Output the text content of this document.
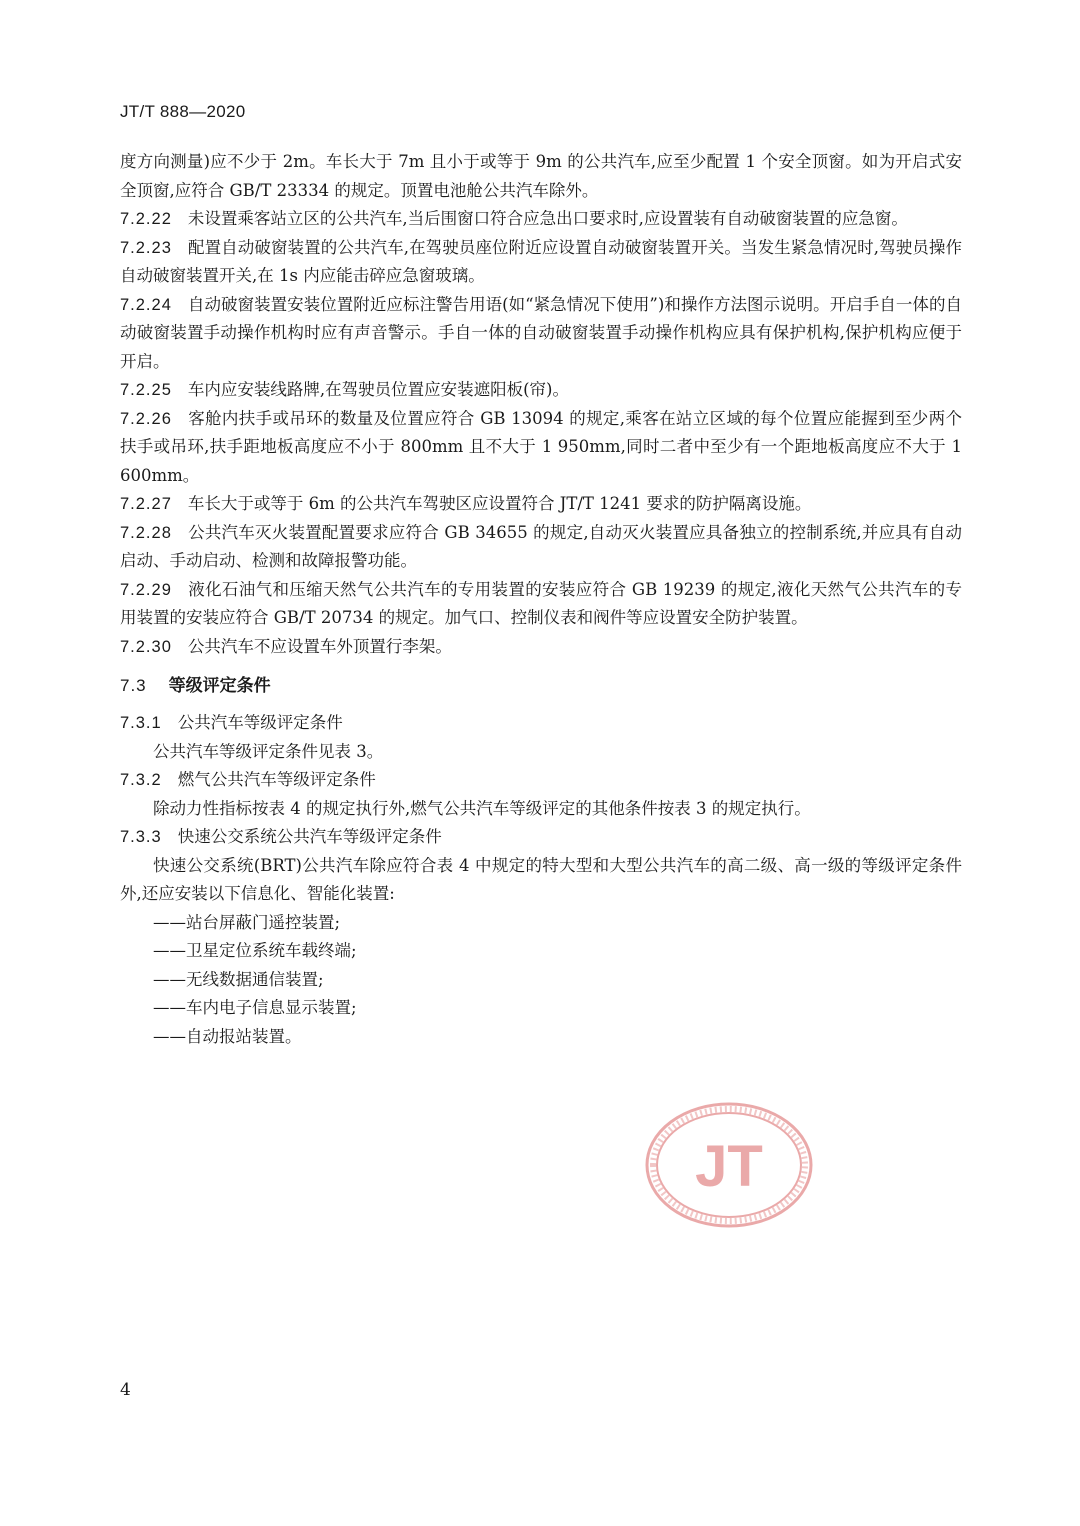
JT/T 888—2020

度方向测量)应不少于 2m。车长大于 7m 且小于或等于 9m 的公共汽车,应至少配置 1 个安全顶窗。如为开启式安全顶窗,应符合 GB/T 23334 的规定。顶置电池舱公共汽车除外。

7.2.22 未设置乘客站立区的公共汽车,当后围窗口符合应急出口要求时,应设置装有自动破窗装置的应急窗。

7.2.23 配置自动破窗装置的公共汽车,在驾驶员座位附近应设置自动破窗装置开关。当发生紧急情况时,驾驶员操作自动破窗装置开关,在 1s 内应能击碎应急窗玻璃。

7.2.24 自动破窗装置安装位置附近应标注警告用语(如“紧急情况下使用”)和操作方法图示说明。开启手自一体的自动破窗装置手动操作机构时应有声音警示。手自一体的自动破窗装置手动操作机构应具有保护机构,保护机构应便于开启。

7.2.25 车内应安装线路牌,在驾驶员位置应安装遮阳板(帘)。

7.2.26 客舱内扶手或吊环的数量及位置应符合 GB 13094 的规定,乘客在站立区域的每个位置应能握到至少两个扶手或吊环,扶手距地板高度应不小于 800mm 且不大于 1 950mm,同时二者中至少有一个距地板高度应不大于 1 600mm。

7.2.27 车长大于或等于 6m 的公共汽车驾驶区应设置符合 JT/T 1241 要求的防护隔离设施。

7.2.28 公共汽车灭火装置配置要求应符合 GB 34655 的规定,自动灭火装置应具备独立的控制系统,并应具有自动启动、手动启动、检测和故障报警功能。

7.2.29 液化石油气和压缩天然气公共汽车的专用装置的安装应符合 GB 19239 的规定,液化天然气公共汽车的专用装置的安装应符合 GB/T 20734 的规定。加气口、控制仪表和阀件等应设置安全防护装置。

7.2.30 公共汽车不应设置车外顶置行李架。

7.3 等级评定条件

7.3.1 公共汽车等级评定条件

公共汽车等级评定条件见表 3。

7.3.2 燃气公共汽车等级评定条件

除动力性指标按表 4 的规定执行外,燃气公共汽车等级评定的其他条件按表 3 的规定执行。

7.3.3 快速公交系统公共汽车等级评定条件

快速公交系统(BRT)公共汽车除应符合表 4 中规定的特大型和大型公共汽车的高二级、高一级的等级评定条件外,还应安装以下信息化、智能化装置:

——站台屏蔽门遥控装置;

——卫星定位系统车载终端;

——无线数据通信装置;

——车内电子信息显示装置;

——自动报站装置。

JT
4
